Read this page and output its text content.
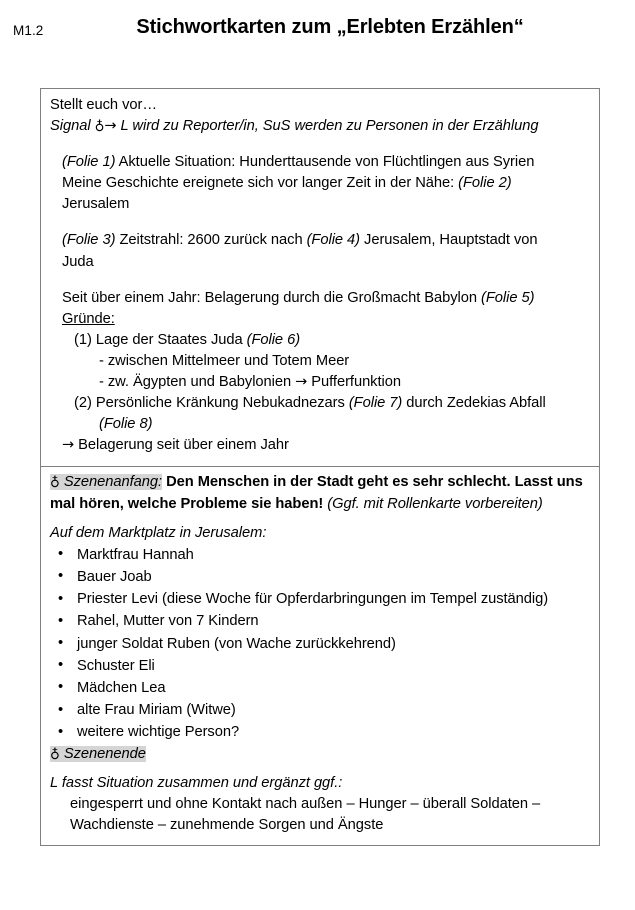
M1.2	Stichwortkarten zum „Erlebten Erzählen“
Stellt euch vor…
Signal ♁→ L wird zu Reporter/in, SuS werden zu Personen in der Erzählung
(Folie 1) Aktuelle Situation: Hunderttausende von Flüchtlingen aus Syrien
Meine Geschichte ereignete sich vor langer Zeit in der Nähe: (Folie 2)
Jerusalem
(Folie 3) Zeitstrahl: 2600 zurück nach (Folie 4) Jerusalem, Hauptstadt von
Juda
Seit über einem Jahr: Belagerung durch die Großmacht Babylon (Folie 5)
Gründe:
(1) Lage der Staates Juda (Folie 6)
- zwischen Mittelmeer und Totem Meer
- zw. Ägypten und Babylonien → Pufferfunktion
(2) Persönliche Kränkung Nebukadnezars (Folie 7) durch Zedekias Abfall
(Folie 8)
→ Belagerung seit über einem Jahr
♁ Szenenanfang: Den Menschen in der Stadt geht es sehr schlecht. Lasst uns mal hören, welche Probleme sie haben! (Ggf. mit Rollenkarte vorbereiten)
Auf dem Marktplatz in Jerusalem:
• Marktfrau Hannah
• Bauer Joab
• Priester Levi (diese Woche für Opferdarbringungen im Tempel zuständig)
• Rahel, Mutter von 7 Kindern
• junger Soldat Ruben (von Wache zurückkehrend)
• Schuster Eli
• Mädchen Lea
• alte Frau Miriam (Witwe)
• weitere wichtige Person?
♁ Szenenende
L fasst Situation zusammen und ergänzt ggf.:
eingesperrt und ohne Kontakt nach außen – Hunger – überall Soldaten –
Wachdienste – zunehmende Sorgen und Ängste
